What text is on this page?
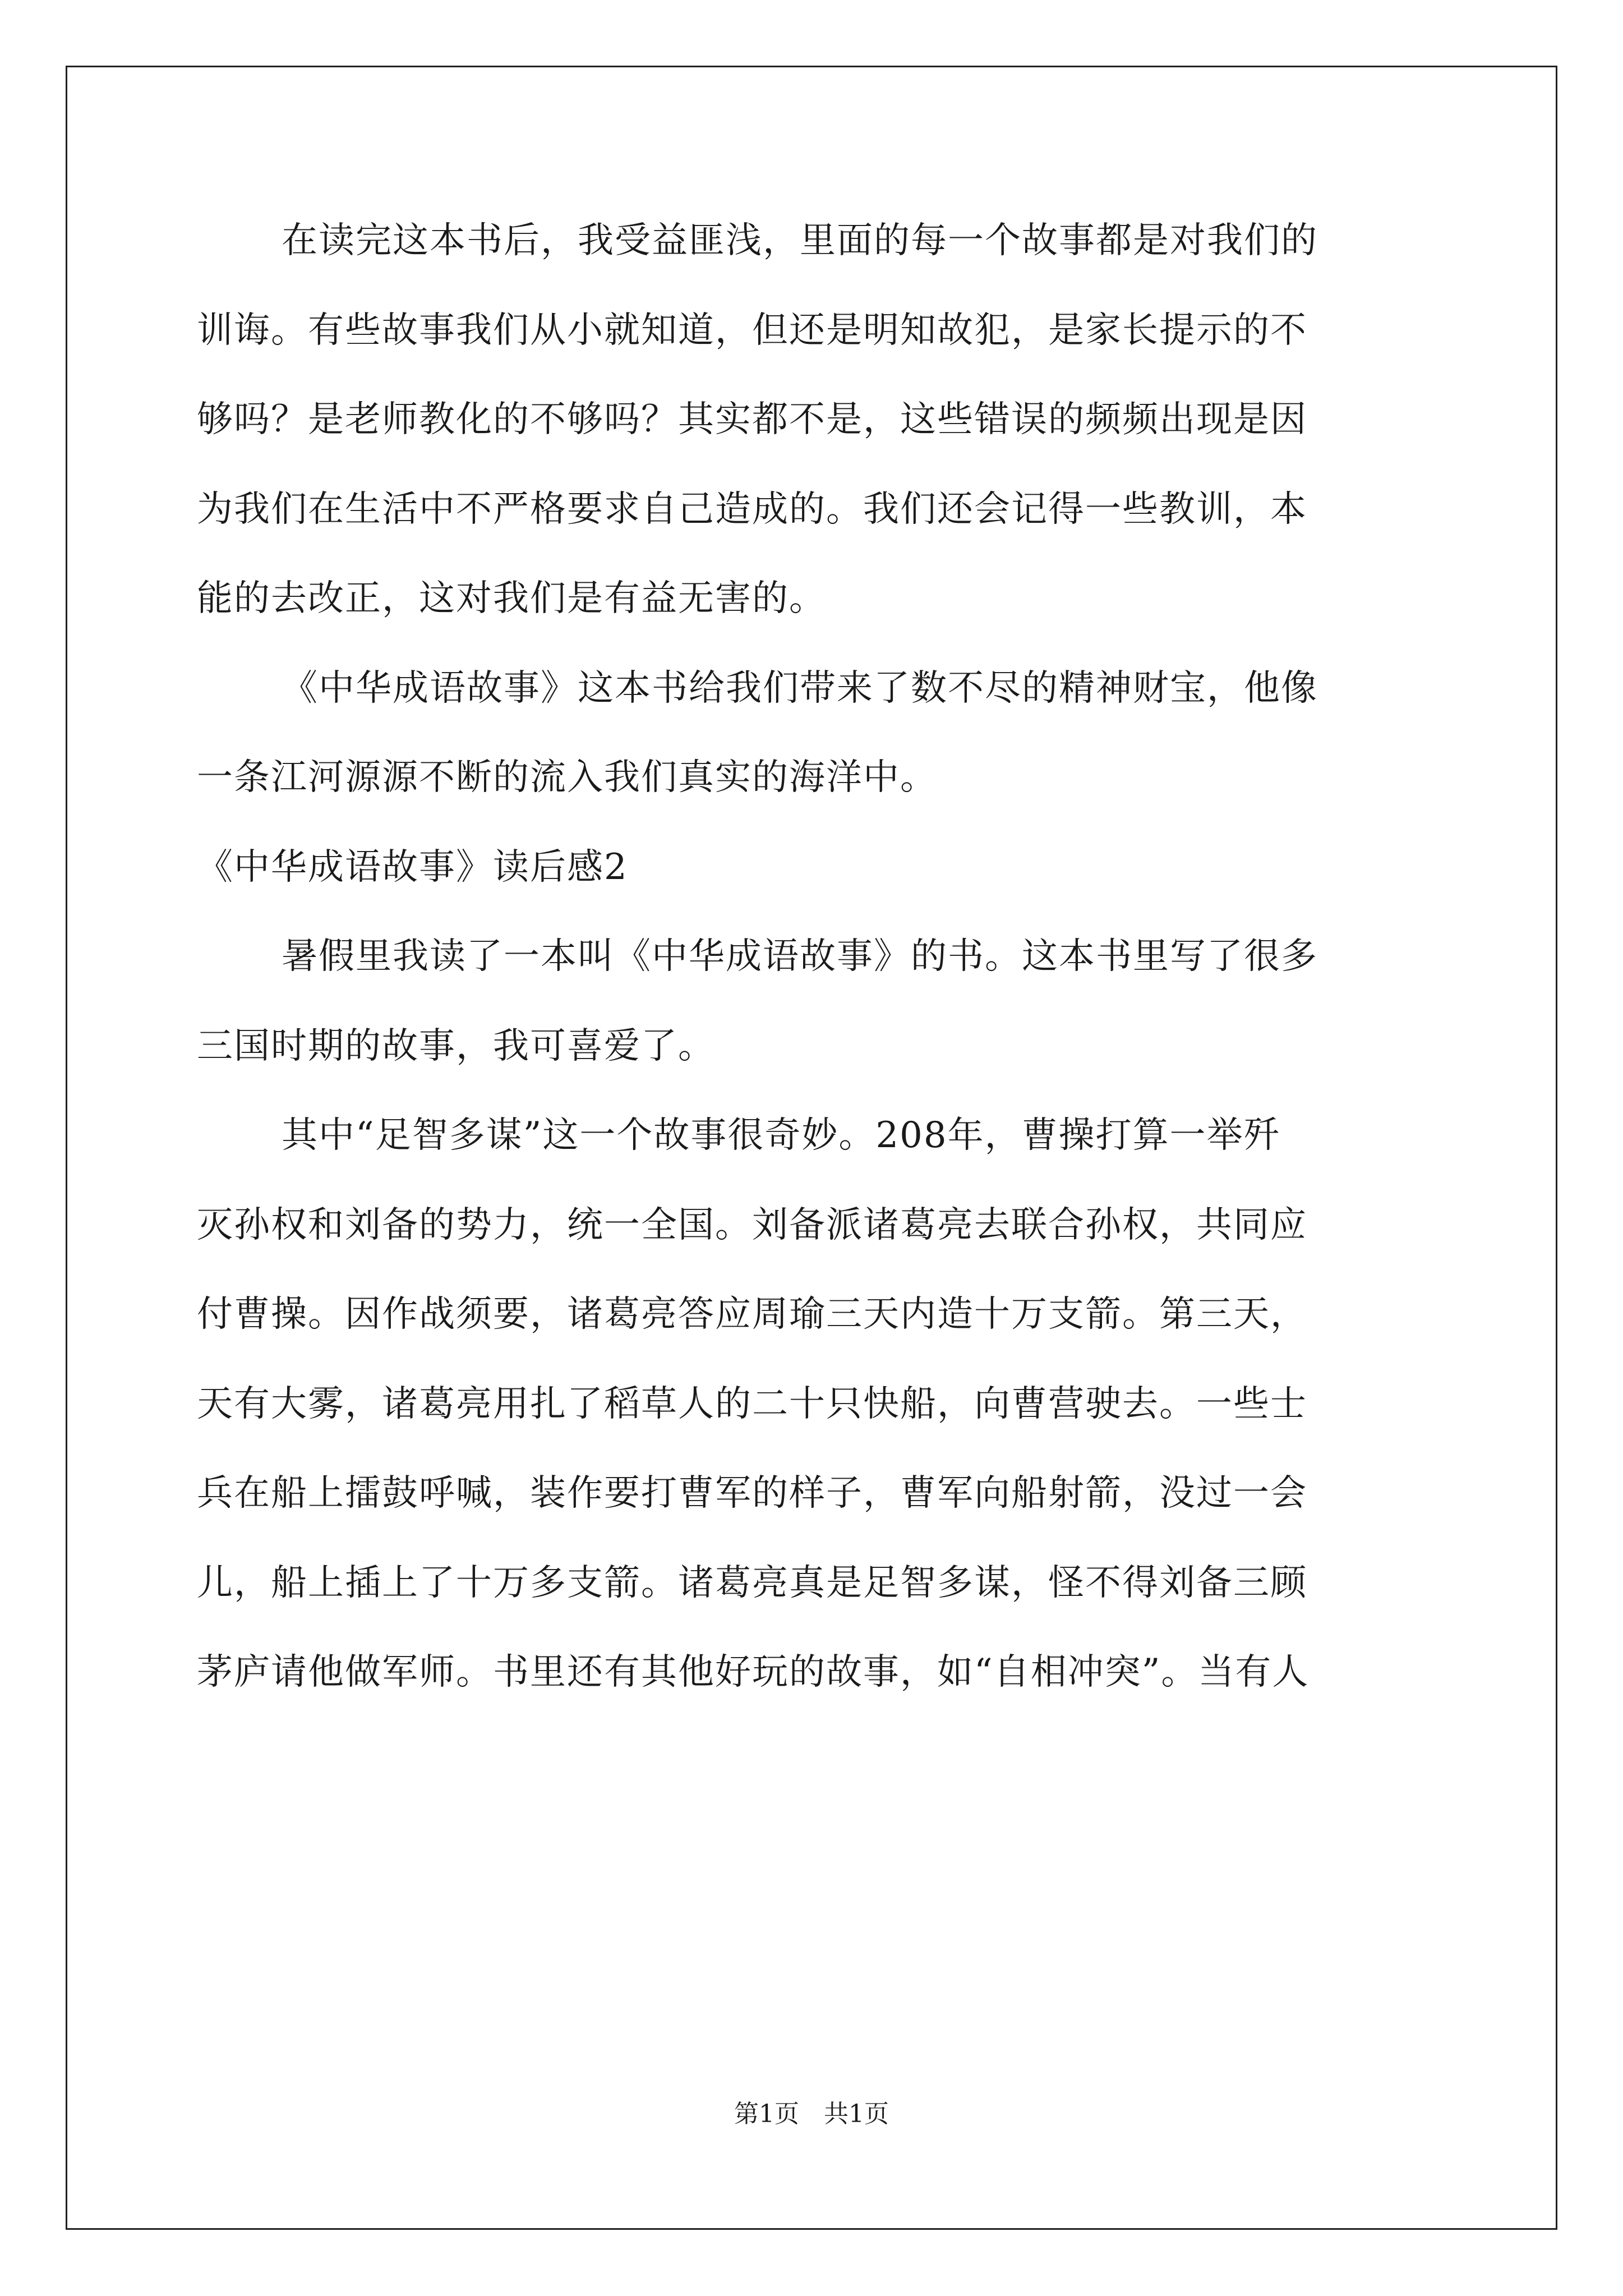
在读完这本书后，我受益匪浅，里面的每一个故事都是对我们的
训诲。有些故事我们从小就知道，但还是明知故犯，是家长提示的不
够吗？是老师教化的不够吗？其实都不是，这些错误的频频出现是因
为我们在生活中不严格要求自己造成的。我们还会记得一些教训，本
能的去改正，这对我们是有益无害的。
《中华成语故事》这本书给我们带来了数不尽的精神财宝，他像
一条江河源源不断的流入我们真实的海洋中。
《中华成语故事》读后感2
暑假里我读了一本叫《中华成语故事》的书。这本书里写了很多
三国时期的故事，我可喜爱了。
其中“足智多谋”这一个故事很奇妙。208年，曹操打算一举歼
灭孙权和刘备的势力，统一全国。刘备派诸葛亮去联合孙权，共同应
付曹操。因作战须要，诸葛亮答应周瑜三天内造十万支箭。第三天，
天有大雾，诸葛亮用扎了稻草人的二十只快船，向曹营驶去。一些士
兵在船上擂鼓呼喊，装作要打曹军的样子，曹军向船射箭，没过一会
儿，船上插上了十万多支箭。诸葛亮真是足智多谋，怪不得刘备三顾
茅庐请他做军师。书里还有其他好玩的故事，如“自相冲突”。当有人
第1页　共1页
